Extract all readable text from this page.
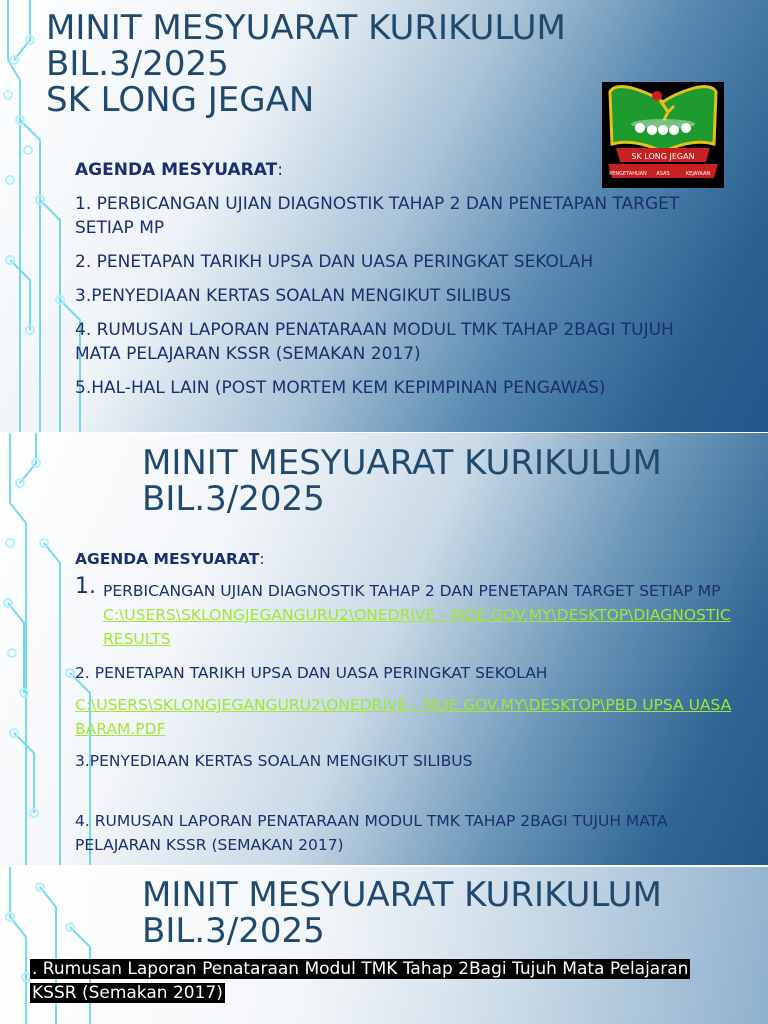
MINIT MESYUARAT KURIKULUM
BIL.3/2025
SK LONG JEGAN
SK LONG JEGAN
PENGETAHUAN ASAS	KEJAYAAN

AGENDA MESYUARAT:

1. PERBICANGAN UJIAN DIAGNOSTIK TAHAP 2 DAN PENETAPAN TARGET SETIAP MP

2. PENETAPAN TARIKH UPSA DAN UASA PERINGKAT SEKOLAH

3.PENYEDIAAN KERTAS SOALAN MENGIKUT SILIBUS

4. RUMUSAN LAPORAN PENATARAAN MODUL TMK TAHAP 2BAGI TUJUH MATA PELAJARAN KSSR (SEMAKAN 2017)

5.HAL-HAL LAIN (POST MORTEM KEM KEPIMPINAN PENGAWAS)

MINIT MESYUARAT KURIKULUM
BIL.3/2025

AGENDA MESYUARAT:

1. PERBICANGAN UJIAN DIAGNOSTIK TAHAP 2 DAN PENETAPAN TARGET SETIAP MP
C:\USERS\SKLONGJEGANGURU2\ONEDRIVE - MOE.GOV.MY\DESKTOP\DIAGNOSTIC RESULTS

2. PENETAPAN TARIKH UPSA DAN UASA PERINGKAT SEKOLAH

C:\USERS\SKLONGJEGANGURU2\ONEDRIVE - MOE.GOV.MY\DESKTOP\PBD UPSA UASA BARAM.PDF

3.PENYEDIAAN KERTAS SOALAN MENGIKUT SILIBUS

4. RUMUSAN LAPORAN PENATARAAN MODUL TMK TAHAP 2BAGI TUJUH MATA PELAJARAN KSSR (SEMAKAN 2017)

MINIT MESYUARAT KURIKULUM
BIL.3/2025
. Rumusan Laporan Penataraan Modul TMK Tahap 2Bagi Tujuh Mata Pelajaran KSSR (Semakan 2017)
